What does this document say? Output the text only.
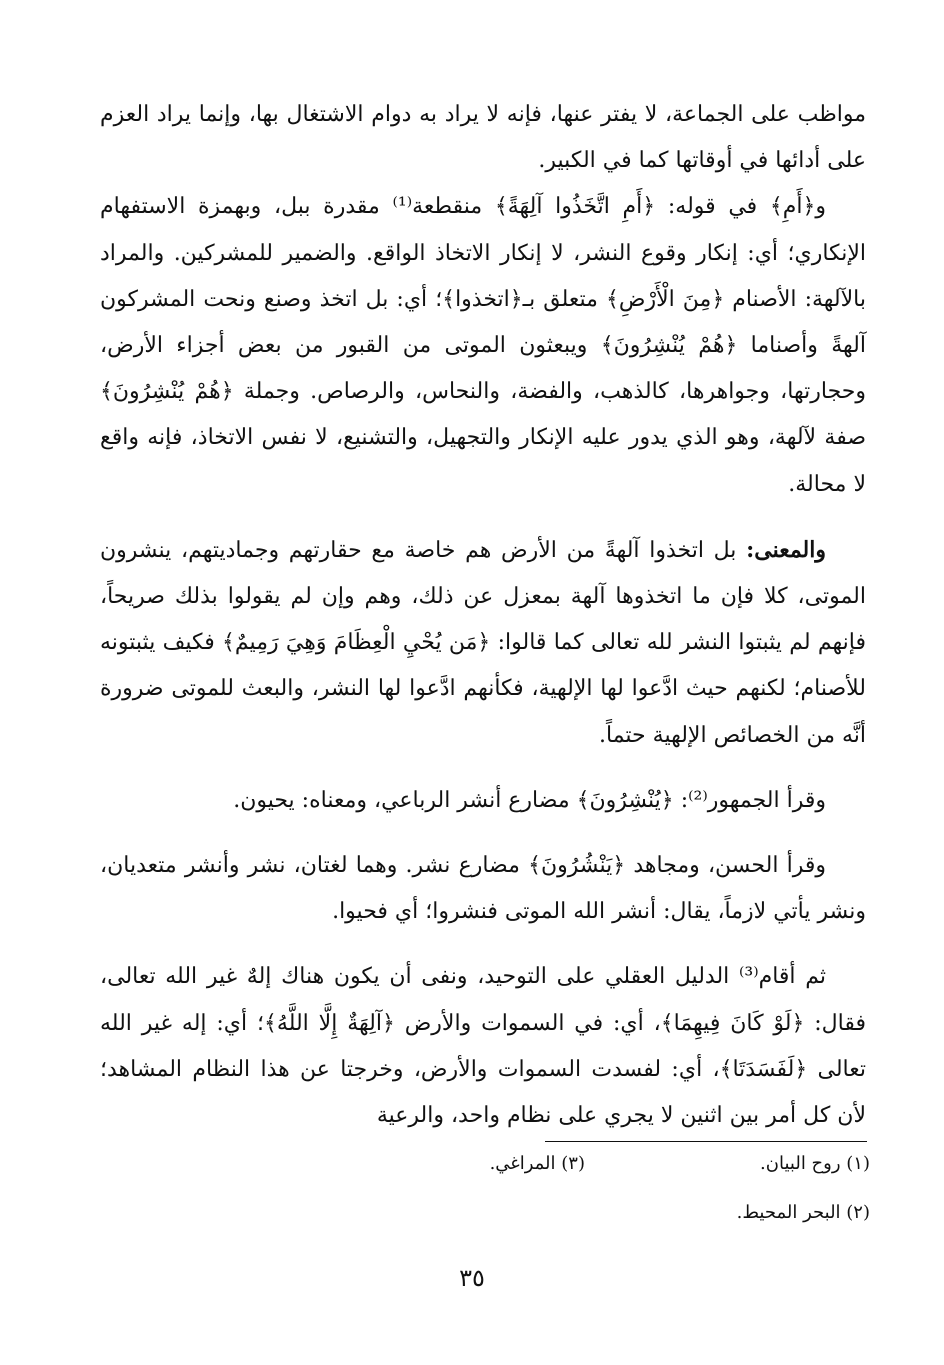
مواظب على الجماعة، لا يفتر عنها، فإنه لا يراد به دوام الاشتغال بها، وإنما يراد العزم على أدائها في أوقاتها كما في الكبير.

و﴿أَمِ﴾ في قوله: ﴿أَمِ اتَّخَذُوا آلِهَةً﴾ منقطعة⁽¹⁾ مقدرة ببل، وبهمزة الاستفهام الإنكاري؛ أي: إنكار وقوع النشر، لا إنكار الاتخاذ الواقع. والضمير للمشركين. والمراد بالآلهة: الأصنام ﴿مِنَ الْأَرْضِ﴾ متعلق بـ﴿اتخذوا﴾؛ أي: بل اتخذ وصنع ونحت المشركون آلهةً وأصناما ﴿هُمْ يُنْشِرُونَ﴾ ويبعثون الموتى من القبور من بعض أجزاء الأرض، وحجارتها، وجواهرها، كالذهب، والفضة، والنحاس، والرصاص. وجملة ﴿هُمْ يُنْشِرُونَ﴾ صفة لآلهة، وهو الذي يدور عليه الإنكار والتجهيل، والتشنيع، لا نفس الاتخاذ، فإنه واقع لا محالة.

والمعنى: بل اتخذوا آلهةً من الأرض هم خاصة مع حقارتهم وجماديتهم، ينشرون الموتى، كلا فإن ما اتخذوها آلهة بمعزل عن ذلك، وهم وإن لم يقولوا بذلك صريحاً، فإنهم لم يثبتوا النشر لله تعالى كما قالوا: ﴿مَن يُحْيِ الْعِظَامَ وَهِيَ رَمِيمٌ﴾ فكيف يثبتونه للأصنام؛ لكنهم حيث ادَّعوا لها الإلهية، فكأنهم ادَّعوا لها النشر، والبعث للموتى ضرورة أنَّه من الخصائص الإلهية حتماً.

وقرأ الجمهور⁽²⁾: ﴿يُنْشِرُونَ﴾ مضارع أنشر الرباعي، ومعناه: يحيون.

وقرأ الحسن، ومجاهد ﴿يَنْشُرُونَ﴾ مضارع نشر. وهما لغتان، نشر وأنشر متعديان، ونشر يأتي لازماً، يقال: أنشر الله الموتى فنشروا؛ أي فحيوا.

ثم أقام⁽³⁾ الدليل العقلي على التوحيد، ونفى أن يكون هناك إلهٌ غير الله تعالى، فقال: ﴿لَوْ كَانَ فِيهِمَا﴾، أي: في السموات والأرض ﴿آلِهَةٌ إِلَّا اللَّهُ﴾؛ أي: إله غير الله تعالى ﴿لَفَسَدَتَا﴾، أي: لفسدت السموات والأرض، وخرجتا عن هذا النظام المشاهد؛ لأن كل أمر بين اثنين لا يجري على نظام واحد، والرعية

(١) روح البيان.
(٣) المراغي.
(٢) البحر المحيط.
٣٥
